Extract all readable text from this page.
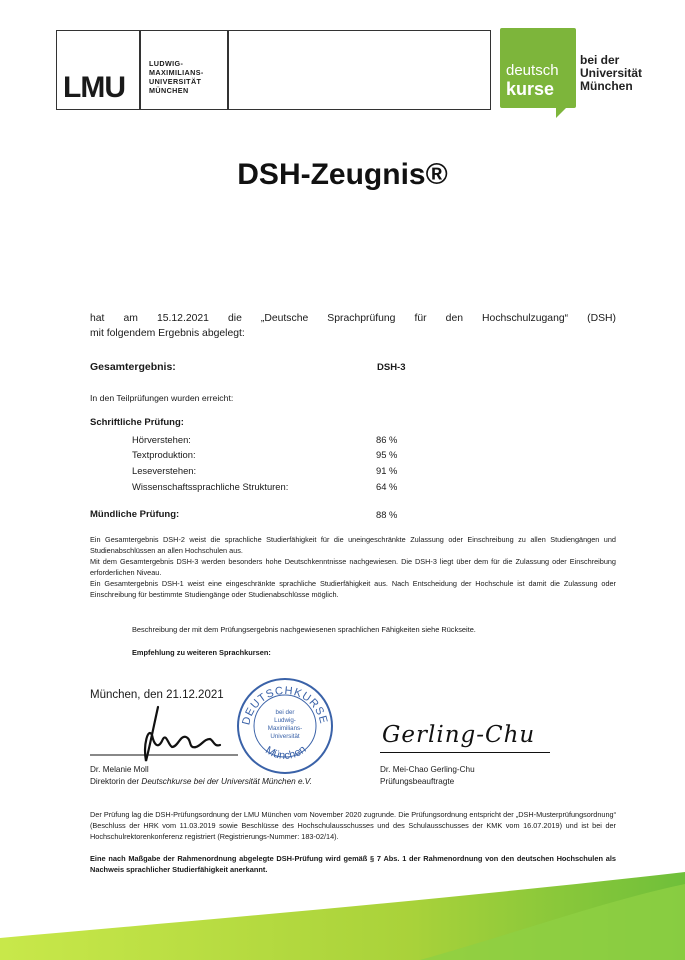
LMU
LUDWIG-
MAXIMILIANS-
UNIVERSITÄT
MÜNCHEN
deutsch
kurse
bei der
Universität
München
DSH-Zeugnis®
hat am 15.12.2021 die „Deutsche Sprachprüfung für den Hochschulzugang“ (DSH)
mit folgendem Ergebnis abgelegt:
Gesamtergebnis:	DSH-3
In den Teilprüfungen wurden erreicht:
Schriftliche Prüfung:
Hörverstehen:	86 %
Textproduktion:	95 %
Leseverstehen:	91 %
Wissenschaftssprachliche Strukturen:	64 %
Mündliche Prüfung:	88 %
Ein Gesamtergebnis DSH-2 weist die sprachliche Studierfähigkeit für die uneingeschränkte Zulassung oder Einschreibung zu allen Studiengängen und Studienabschlüssen an allen Hochschulen aus.
Mit dem Gesamtergebnis DSH-3 werden besonders hohe Deutschkenntnisse nachgewiesen. Die DSH-3 liegt über dem für die Zulassung oder Einschreibung erforderlichen Niveau.
Ein Gesamtergebnis DSH-1 weist eine eingeschränkte sprachliche Studierfähigkeit aus. Nach Entscheidung der Hochschule ist damit die Zulassung oder Einschreibung für bestimmte Studiengänge oder Studienabschlüsse möglich.
Beschreibung der mit dem Prüfungsergebnis nachgewiesenen sprachlichen Fähigkeiten siehe Rückseite.
Empfehlung zu weiteren Sprachkursen:
München, den 21.12.2021
DEUTSCHKURSE
München
bei der
Ludwig-
Maximilians-
Universität	Gerling-Chu
Dr. Melanie Moll
Direktorin der Deutschkurse bei der Universität München e.V.
Dr. Mei-Chao Gerling-Chu
Prüfungsbeauftragte
Der Prüfung lag die DSH-Prüfungsordnung der LMU München vom November 2020 zugrunde. Die Prüfungsordnung entspricht der „DSH-Musterprüfungsordnung“ (Beschluss der HRK vom 11.03.2019 sowie Beschlüsse des Hochschulausschusses und des Schulausschusses der KMK vom 16.07.2019) und ist bei der Hochschulrektorenkonferenz registriert (Registrierungs-Nummer: 183-02/14).
Eine nach Maßgabe der Rahmenordnung abgelegte DSH-Prüfung wird gemäß § 7 Abs. 1 der Rahmenordnung von den deutschen Hochschulen als Nachweis sprachlicher Studierfähigkeit anerkannt.
